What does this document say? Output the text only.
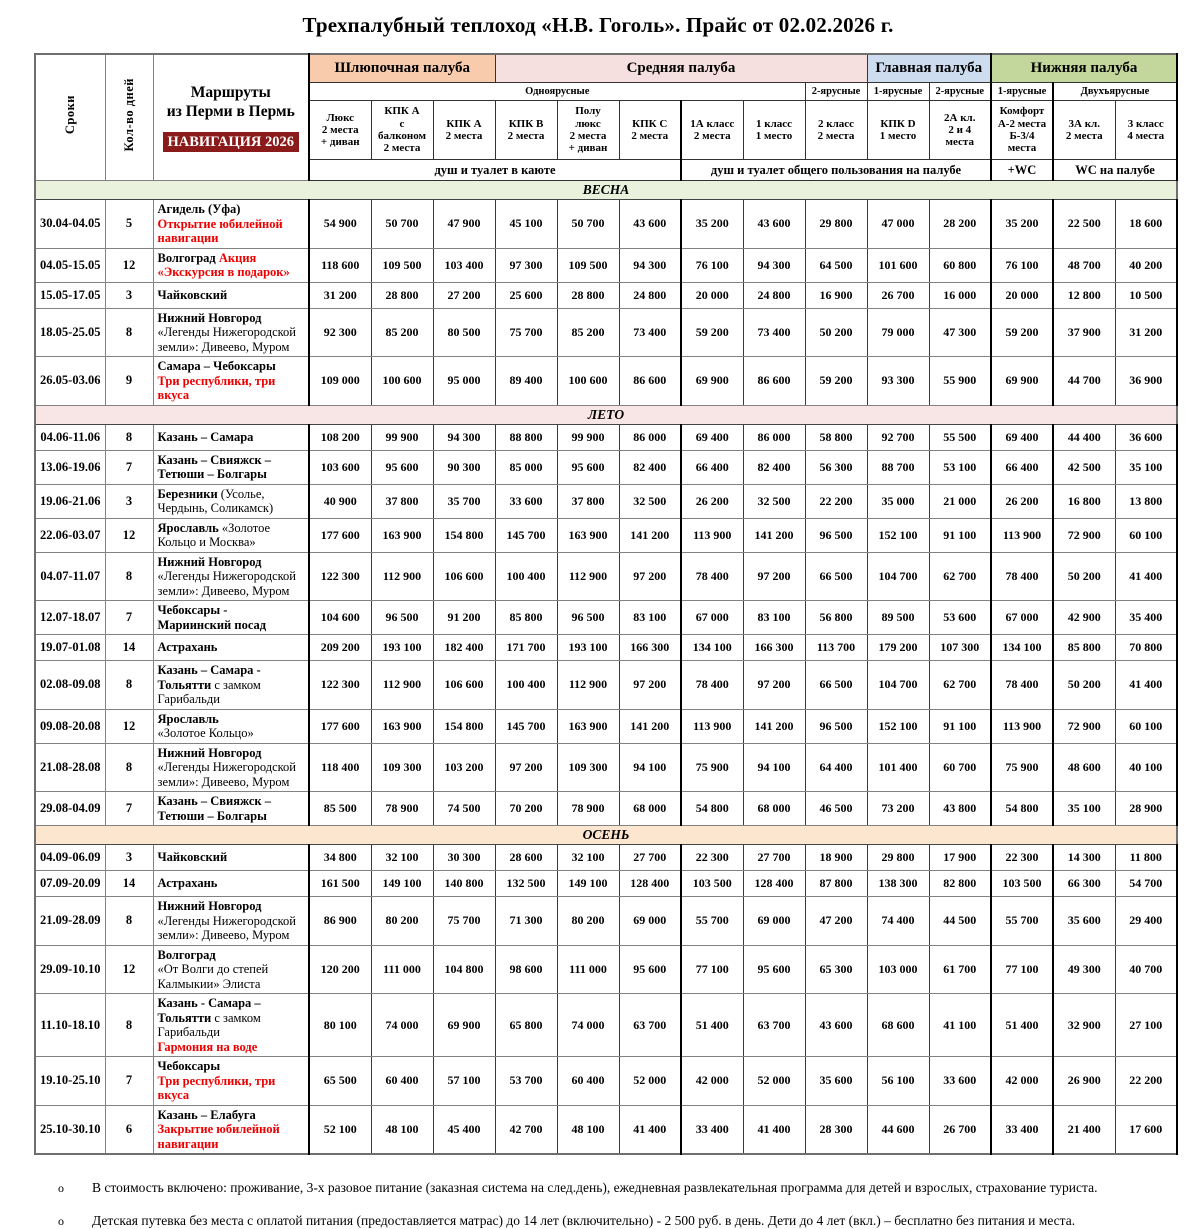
Трехпалубный теплоход «Н.В. Гоголь». Прайс от 02.02.2026 г.
Сроки	Кол-во дней	Маршруты
из Перми в Пермь
НАВИГАЦИЯ 2026	Шлюпочная палуба			Средняя палуба						Главная палуба		Нижняя палуба		
			Одноярусные								2-ярусные	1-ярусные	2-ярусные	1-ярусные	Двухъярусные	
			Люкс
2 места
+ диван	КПК А
с
балконом
2 места	КПК А
2 места	КПК В
2 места	Полу
люкс
2 места
+ диван	КПК С
2 места	1А класс
2 места	1 класс
1 место	2 класс
2 места	КПК D
1 место	2А кл.
2 и 4
места	Комфорт
А-2 места
Б-3/4
места	3А кл.
2 места	3 класс
4 места
			душ и туалет в каюте						душ и туалет общего пользования на палубе					+WC	WC на палубе	
ВЕСНА																
30.04-04.05	5	Агидель (Уфа)
Открытие юбилейной навигации	54 900	50 700	47 900	45 100	50 700	43 600	35 200	43 600	29 800	47 000	28 200	35 200	22 500	18 600
04.05-15.05	12	Волгоград Акция «Экскурсия в подарок»	118 600	109 500	103 400	97 300	109 500	94 300	76 100	94 300	64 500	101 600	60 800	76 100	48 700	40 200
15.05-17.05	3	Чайковский	31 200	28 800	27 200	25 600	28 800	24 800	20 000	24 800	16 900	26 700	16 000	20 000	12 800	10 500
18.05-25.05	8	Нижний Новгород
«Легенды Нижегородской земли»: Дивеево, Муром	92 300	85 200	80 500	75 700	85 200	73 400	59 200	73 400	50 200	79 000	47 300	59 200	37 900	31 200
26.05-03.06	9	Самара – Чебоксары
Три республики, три вкуса	109 000	100 600	95 000	89 400	100 600	86 600	69 900	86 600	59 200	93 300	55 900	69 900	44 700	36 900
ЛЕТО																
04.06-11.06	8	Казань – Самара	108 200	99 900	94 300	88 800	99 900	86 000	69 400	86 000	58 800	92 700	55 500	69 400	44 400	36 600
13.06-19.06	7	Казань – Свияжск – Тетюши – Болгары	103 600	95 600	90 300	85 000	95 600	82 400	66 400	82 400	56 300	88 700	53 100	66 400	42 500	35 100
19.06-21.06	3	Березники (Усолье, Чердынь, Соликамск)	40 900	37 800	35 700	33 600	37 800	32 500	26 200	32 500	22 200	35 000	21 000	26 200	16 800	13 800
22.06-03.07	12	Ярославль «Золотое Кольцо и Москва»	177 600	163 900	154 800	145 700	163 900	141 200	113 900	141 200	96 500	152 100	91 100	113 900	72 900	60 100
04.07-11.07	8	Нижний Новгород
«Легенды Нижегородской земли»: Дивеево, Муром	122 300	112 900	106 600	100 400	112 900	97 200	78 400	97 200	66 500	104 700	62 700	78 400	50 200	41 400
12.07-18.07	7	Чебоксары - Мариинский посад	104 600	96 500	91 200	85 800	96 500	83 100	67 000	83 100	56 800	89 500	53 600	67 000	42 900	35 400
19.07-01.08	14	Астрахань	209 200	193 100	182 400	171 700	193 100	166 300	134 100	166 300	113 700	179 200	107 300	134 100	85 800	70 800
02.08-09.08	8	Казань – Самара - Тольятти с замком Гарибальди	122 300	112 900	106 600	100 400	112 900	97 200	78 400	97 200	66 500	104 700	62 700	78 400	50 200	41 400
09.08-20.08	12	Ярославль
«Золотое Кольцо»	177 600	163 900	154 800	145 700	163 900	141 200	113 900	141 200	96 500	152 100	91 100	113 900	72 900	60 100
21.08-28.08	8	Нижний Новгород
«Легенды Нижегородской земли»: Дивеево, Муром	118 400	109 300	103 200	97 200	109 300	94 100	75 900	94 100	64 400	101 400	60 700	75 900	48 600	40 100
29.08-04.09	7	Казань – Свияжск – Тетюши – Болгары	85 500	78 900	74 500	70 200	78 900	68 000	54 800	68 000	46 500	73 200	43 800	54 800	35 100	28 900
ОСЕНЬ																
04.09-06.09	3	Чайковский	34 800	32 100	30 300	28 600	32 100	27 700	22 300	27 700	18 900	29 800	17 900	22 300	14 300	11 800
07.09-20.09	14	Астрахань	161 500	149 100	140 800	132 500	149 100	128 400	103 500	128 400	87 800	138 300	82 800	103 500	66 300	54 700
21.09-28.09	8	Нижний Новгород
«Легенды Нижегородской земли»: Дивеево, Муром	86 900	80 200	75 700	71 300	80 200	69 000	55 700	69 000	47 200	74 400	44 500	55 700	35 600	29 400
29.09-10.10	12	Волгоград
«От Волги до степей Калмыкии» Элиста	120 200	111 000	104 800	98 600	111 000	95 600	77 100	95 600	65 300	103 000	61 700	77 100	49 300	40 700
11.10-18.10	8	Казань - Самара – Тольятти с замком Гарибальди
Гармония на воде	80 100	74 000	69 900	65 800	74 000	63 700	51 400	63 700	43 600	68 600	41 100	51 400	32 900	27 100
19.10-25.10	7	Чебоксары
Три республики, три вкуса	65 500	60 400	57 100	53 700	60 400	52 000	42 000	52 000	35 600	56 100	33 600	42 000	26 900	22 200
25.10-30.10	6	Казань – Елабуга
Закрытие юбилейной навигации	52 100	48 100	45 400	42 700	48 100	41 400	33 400	41 400	28 300	44 600	26 700	33 400	21 400	17 600
o	В стоимость включено: проживание, 3-х разовое питание (заказная система на след.день), ежедневная развлекательная программа для детей и взрослых, страхование туриста.
o	Детская путевка без места с оплатой питания (предоставляется матрас) до 14 лет (включительно) - 2 500 руб. в день. Дети до 4 лет (вкл.) – бесплатно без питания и места.
